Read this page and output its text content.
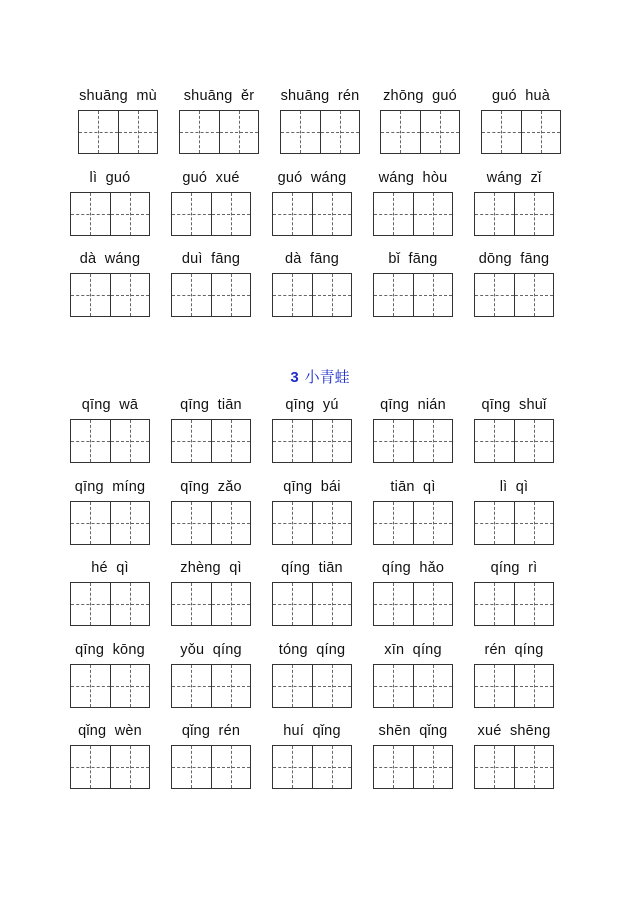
shuāng  mù	shuāng  ěr	shuāng  rén	zhōng  guó	guó  huà
lì  guó	guó  xué	guó  wáng	wáng  hòu	wáng  zǐ
dà  wáng	duì  fāng	dà  fāng	bǐ  fāng	dōng  fāng
3 小青蛙
qīng  wā	qīng  tiān	qīng  yú	qīng  nián	qīng  shuǐ
qīng  míng	qīng  zǎo	qīng  bái	tiān  qì	lì  qì
hé  qì	zhèng  qì	qíng  tiān	qíng  hǎo	qíng  rì
qīng  kōng	yǒu  qíng	tóng  qíng	xīn  qíng	rén  qíng
qǐng  wèn	qǐng  rén	huí  qǐng	shēn  qǐng	xué  shēng
